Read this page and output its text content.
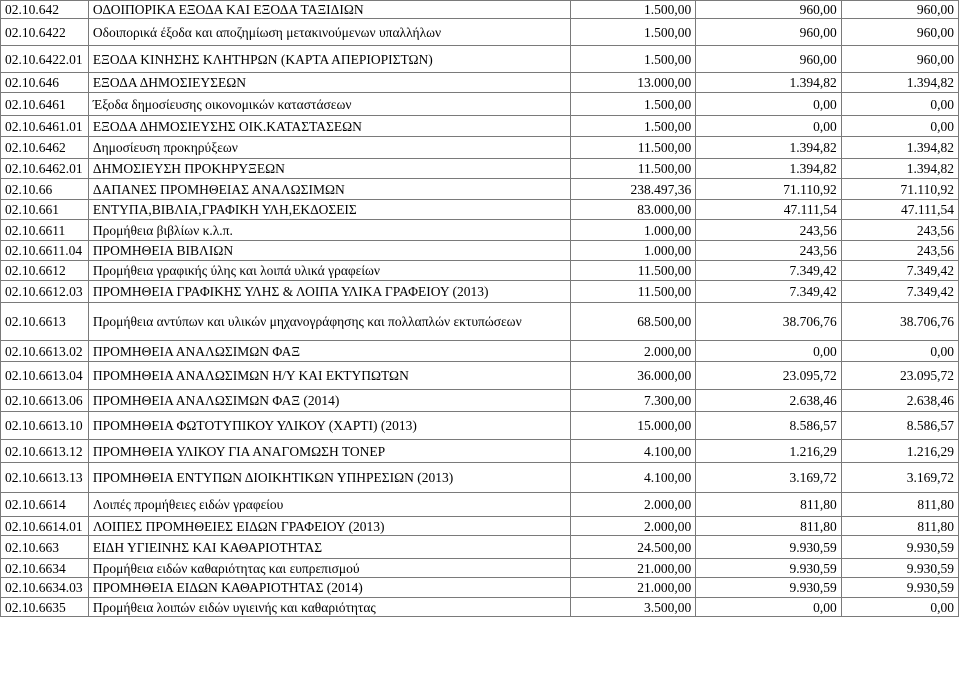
02.10.642	ΟΔΟΙΠΟΡΙΚΑ ΕΞΟΔΑ ΚΑΙ ΕΞΟΔΑ ΤΑΞΙΔΙΩΝ	1.500,00	960,00	960,00
02.10.6422	Οδοιπορικά έξοδα και αποζημίωση μετακινούμενων υπαλλήλων	1.500,00	960,00	960,00
02.10.6422.01	ΕΞΟΔΑ ΚΙΝΗΣΗΣ ΚΛΗΤΗΡΩΝ (ΚΑΡΤΑ ΑΠΕΡΙΟΡΙΣΤΩΝ)	1.500,00	960,00	960,00
02.10.646	ΕΞΟΔΑ ΔΗΜΟΣΙΕΥΣΕΩΝ	13.000,00	1.394,82	1.394,82
02.10.6461	Έξοδα δημοσίευσης οικονομικών καταστάσεων	1.500,00	0,00	0,00
02.10.6461.01	ΕΞΟΔΑ ΔΗΜΟΣΙΕΥΣΗΣ ΟΙΚ.ΚΑΤΑΣΤΑΣΕΩΝ	1.500,00	0,00	0,00
02.10.6462	Δημοσίευση προκηρύξεων	11.500,00	1.394,82	1.394,82
02.10.6462.01	ΔΗΜΟΣΙΕΥΣΗ ΠΡΟΚΗΡΥΞΕΩΝ	11.500,00	1.394,82	1.394,82
02.10.66	ΔΑΠΑΝΕΣ ΠΡΟΜΗΘΕΙΑΣ ΑΝΑΛΩΣΙΜΩΝ	238.497,36	71.110,92	71.110,92
02.10.661	ΕΝΤΥΠΑ,ΒΙΒΛΙΑ,ΓΡΑΦΙΚΗ ΥΛΗ,ΕΚΔΟΣΕΙΣ	83.000,00	47.111,54	47.111,54
02.10.6611	Προμήθεια βιβλίων κ.λ.π.	1.000,00	243,56	243,56
02.10.6611.04	ΠΡΟΜΗΘΕΙΑ ΒΙΒΛΙΩΝ	1.000,00	243,56	243,56
02.10.6612	Προμήθεια γραφικής ύλης και λοιπά υλικά γραφείων	11.500,00	7.349,42	7.349,42
02.10.6612.03	ΠΡΟΜΗΘΕΙΑ ΓΡΑΦΙΚΗΣ ΥΛΗΣ & ΛΟΙΠΑ ΥΛΙΚΑ ΓΡΑΦΕΙΟΥ (2013)	11.500,00	7.349,42	7.349,42
02.10.6613	Προμήθεια αντύπων και υλικών μηχανογράφησης και πολλαπλών εκτυπώσεων	68.500,00	38.706,76	38.706,76
02.10.6613.02	ΠΡΟΜΗΘΕΙΑ ΑΝΑΛΩΣΙΜΩΝ ΦΑΞ	2.000,00	0,00	0,00
02.10.6613.04	ΠΡΟΜΗΘΕΙΑ ΑΝΑΛΩΣΙΜΩΝ Η/Υ ΚΑΙ ΕΚΤΥΠΩΤΩΝ	36.000,00	23.095,72	23.095,72
02.10.6613.06	ΠΡΟΜΗΘΕΙΑ ΑΝΑΛΩΣΙΜΩΝ ΦΑΞ (2014)	7.300,00	2.638,46	2.638,46
02.10.6613.10	ΠΡΟΜΗΘΕΙΑ ΦΩΤΟΤΥΠΙΚΟΥ ΥΛΙΚΟΥ (ΧΑΡΤΙ) (2013)	15.000,00	8.586,57	8.586,57
02.10.6613.12	ΠΡΟΜΗΘΕΙΑ ΥΛΙΚΟΥ ΓΙΑ ΑΝΑΓΟΜΩΣΗ ΤΟΝΕΡ	4.100,00	1.216,29	1.216,29
02.10.6613.13	ΠΡΟΜΗΘΕΙΑ ΕΝΤΥΠΩΝ ΔΙΟΙΚΗΤΙΚΩΝ ΥΠΗΡΕΣΙΩΝ (2013)	4.100,00	3.169,72	3.169,72
02.10.6614	Λοιπές προμήθειες ειδών γραφείου	2.000,00	811,80	811,80
02.10.6614.01	ΛΟΙΠΕΣ ΠΡΟΜΗΘΕΙΕΣ ΕΙΔΩΝ ΓΡΑΦΕΙΟΥ (2013)	2.000,00	811,80	811,80
02.10.663	ΕΙΔΗ ΥΓΙΕΙΝΗΣ ΚΑΙ ΚΑΘΑΡΙΟΤΗΤΑΣ	24.500,00	9.930,59	9.930,59
02.10.6634	Προμήθεια ειδών καθαριότητας και ευπρεπισμού	21.000,00	9.930,59	9.930,59
02.10.6634.03	ΠΡΟΜΗΘΕΙΑ ΕΙΔΩΝ ΚΑΘΑΡΙΟΤΗΤΑΣ (2014)	21.000,00	9.930,59	9.930,59
02.10.6635	Προμήθεια λοιπών ειδών υγιεινής και καθαριότητας	3.500,00	0,00	0,00
